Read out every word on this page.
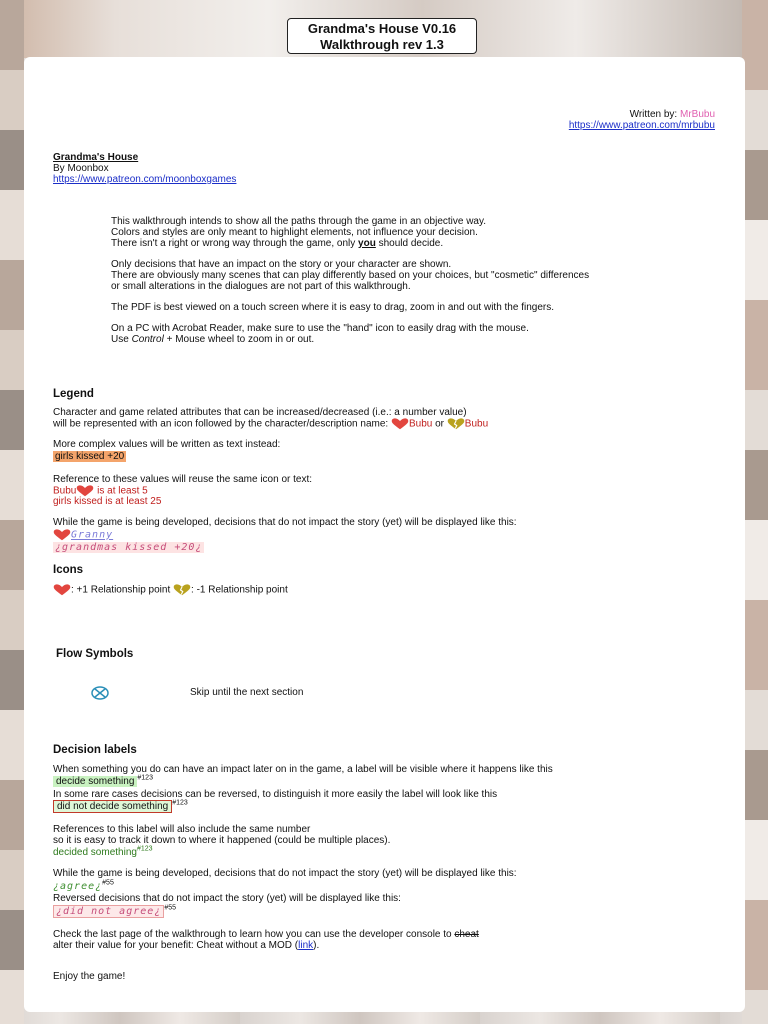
Written by: MrBubu
https://www.patreon.com/mrbubu
Grandma's House
By Moonbox
https://www.patreon.com/moonboxgames
This walkthrough intends to show all the paths through the game in an objective way.
Colors and styles are only meant to highlight elements, not influence your decision.
There isn't a right or wrong way through the game, only you should decide.
Only decisions that have an impact on the story or your character are shown.
There are obviously many scenes that can play differently based on your choices, but "cosmetic" differences
or small alterations in the dialogues are not part of this walkthrough.
The PDF is best viewed on a touch screen where it is easy to drag, zoom in and out with the fingers.
On a PC with Acrobat Reader, make sure to use the "hand" icon to easily drag with the mouse.
Use Control + Mouse wheel to zoom in or out.
Legend
Character and game related attributes that can be increased/decreased (i.e.: a number value)
will be represented with an icon followed by the character/description name: Bubu or Bubu
More complex values will be written as text instead:
girls kissed +20
Reference to these values will reuse the same icon or text:
Bubu is at least 5
girls kissed is at least 25
While the game is being developed, decisions that do not impact the story (yet) will be displayed like this:
Granny
¿grandmas kissed +20¿
Icons
: +1 Relationship point : -1 Relationship point
Flow Symbols
Skip until the next section
Decision labels
When something you do can have an impact later on in the game, a label will be visible where it happens like this
decide something $^{\#123}$
In some rare cases decisions can be reversed, to distinguish it more easily the label will look like this
did not decide something $^{\#123}$
References to this label will also include the same number
so it is easy to track it down to where it happened (could be multiple places).
decided something$^{\#123}$
While the game is being developed, decisions that do not impact the story (yet) will be displayed like this:
¿agree¿$^{\#55}$
Reversed decisions that do not impact the story (yet) will be displayed like this:
¿did not agree¿ $^{\#55}$
Check the last page of the walkthrough to learn how you can use the developer console to cheat
alter their value for your benefit: Cheat without a MOD (link).
Enjoy the game!
Grandma's House V0.16
Walkthrough rev 1.3
